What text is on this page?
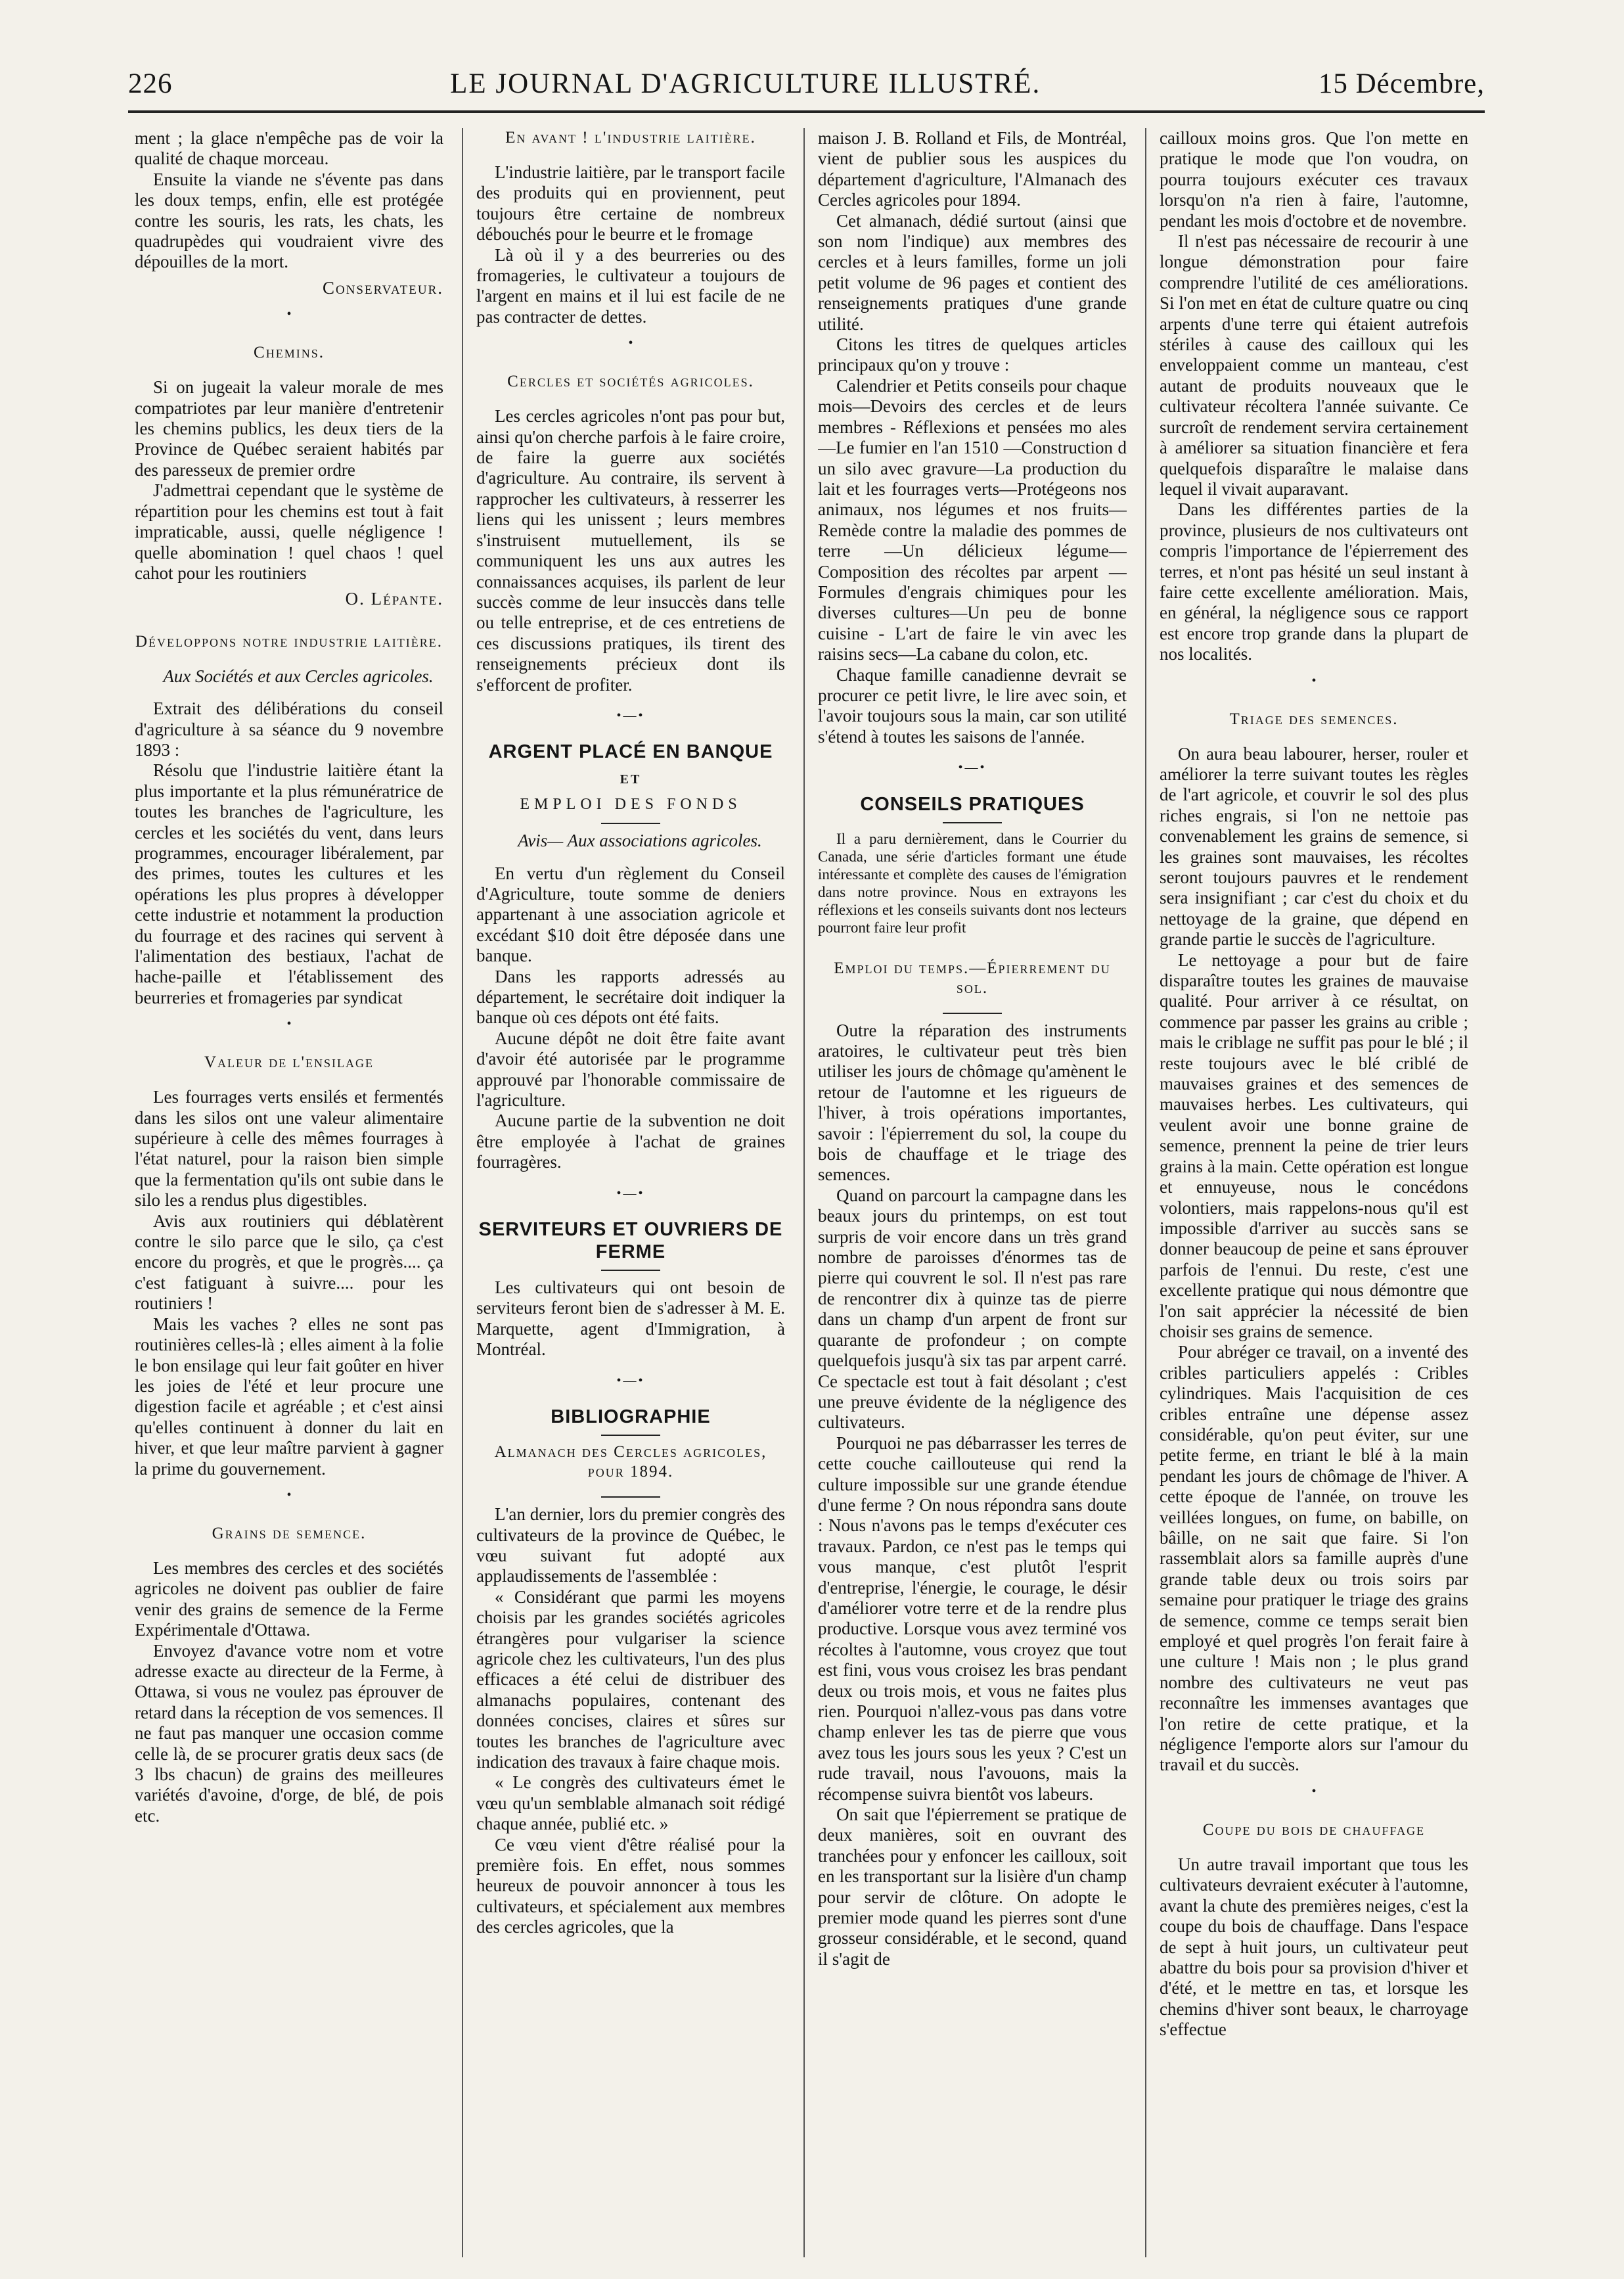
226	LE JOURNAL D'AGRICULTURE ILLUSTRÉ.	15 Décembre,

ment ; la glace n'empêche pas de voir la qualité de chaque morceau.

Ensuite la viande ne s'évente pas dans les doux temps, enfin, elle est protégée contre les souris, les rats, les chats, les quadrupèdes qui voudraient vivre des dépouilles de la mort.

Conservateur.

•
Chemins.

Si on jugeait la valeur morale de mes compatriotes par leur manière d'entretenir les chemins publics, les deux tiers de la Province de Québec seraient habités par des paresseux de premier ordre

J'admettrai cependant que le système de répartition pour les chemins est tout à fait impraticable, aussi, quelle négligence ! quelle abomination ! quel chaos ! quel cahot pour les routiniers

O. Lépante.

Développons notre industrie laitière.

Aux Sociétés et aux Cercles agricoles.

Extrait des délibérations du conseil d'agriculture à sa séance du 9 novembre 1893 :

Résolu que l'industrie laitière étant la plus importante et la plus rémunératrice de toutes les branches de l'agriculture, les cercles et les sociétés du vent, dans leurs programmes, encourager libéralement, par des primes, toutes les cultures et les opérations les plus propres à développer cette industrie et notamment la production du fourrage et des racines qui servent à l'alimentation des bestiaux, l'achat de hache-paille et l'établissement des beurreries et fromageries par syndicat

•
Valeur de l'ensilage

Les fourrages verts ensilés et fermentés dans les silos ont une valeur alimentaire supérieure à celle des mêmes fourrages à l'état naturel, pour la raison bien simple que la fermentation qu'ils ont subie dans le silo les a rendus plus digestibles.

Avis aux routiniers qui déblatèrent contre le silo parce que le silo, ça c'est encore du progrès, et que le progrès.... ça c'est fatiguant à suivre.... pour les routiniers !

Mais les vaches ? elles ne sont pas routinières celles-là ; elles aiment à la folie le bon ensilage qui leur fait goûter en hiver les joies de l'été et leur procure une digestion facile et agréable ; et c'est ainsi qu'elles continuent à donner du lait en hiver, et que leur maître parvient à gagner la prime du gouvernement.

•
Grains de semence.

Les membres des cercles et des sociétés agricoles ne doivent pas oublier de faire venir des grains de semence de la Ferme Expérimentale d'Ottawa.

Envoyez d'avance votre nom et votre adresse exacte au directeur de la Ferme, à Ottawa, si vous ne voulez pas éprouver de retard dans la réception de vos semences. Il ne faut pas manquer une occasion comme celle là, de se procurer gratis deux sacs (de 3 lbs chacun) de grains des meilleures variétés d'avoine, d'orge, de blé, de pois etc.

En avant ! l'industrie laitière.

L'industrie laitière, par le transport facile des produits qui en proviennent, peut toujours être certaine de nombreux débouchés pour le beurre et le fromage

Là où il y a des beurreries ou des fromageries, le cultivateur a toujours de l'argent en mains et il lui est facile de ne pas contracter de dettes.

•
Cercles et sociétés agricoles.

Les cercles agricoles n'ont pas pour but, ainsi qu'on cherche parfois à le faire croire, de faire la guerre aux sociétés d'agriculture. Au contraire, ils servent à rapprocher les cultivateurs, à resserrer les liens qui les unissent ; leurs membres s'instruisent mutuellement, ils se communiquent les uns aux autres les connaissances acquises, ils parlent de leur succès comme de leur insuccès dans telle ou telle entreprise, et de ces entretiens de ces discussions pratiques, ils tirent des renseignements précieux dont ils s'efforcent de profiter.

•—•
ARGENT PLACÉ EN BANQUE
ET
EMPLOI DES FONDS

Avis— Aux associations agricoles.

En vertu d'un règlement du Conseil d'Agriculture, toute somme de deniers appartenant à une association agricole et excédant $10 doit être déposée dans une banque.

Dans les rapports adressés au département, le secrétaire doit indiquer la banque où ces dépots ont été faits.

Aucune dépôt ne doit être faite avant d'avoir été autorisée par le programme approuvé par l'honorable commissaire de l'agriculture.

Aucune partie de la subvention ne doit être employée à l'achat de graines fourragères.

•—•
SERVITEURS ET OUVRIERS DE FERME

Les cultivateurs qui ont besoin de serviteurs feront bien de s'adresser à M. E. Marquette, agent d'Immigration, à Montréal.

•—•
BIBLIOGRAPHIE
Almanach des Cercles agricoles, pour 1894.

L'an dernier, lors du premier congrès des cultivateurs de la province de Québec, le vœu suivant fut adopté aux applaudissements de l'assemblée :

« Considérant que parmi les moyens choisis par les grandes sociétés agricoles étrangères pour vulgariser la science agricole chez les cultivateurs, l'un des plus efficaces a été celui de distribuer des almanachs populaires, contenant des données concises, claires et sûres sur toutes les branches de l'agriculture avec indication des travaux à faire chaque mois.

« Le congrès des cultivateurs émet le vœu qu'un semblable almanach soit rédigé chaque année, publié etc. »

Ce vœu vient d'être réalisé pour la première fois. En effet, nous sommes heureux de pouvoir annoncer à tous les cultivateurs, et spécialement aux membres des cercles agricoles, que la

maison J. B. Rolland et Fils, de Montréal, vient de publier sous les auspices du département d'agriculture, l'Almanach des Cercles agricoles pour 1894.

Cet almanach, dédié surtout (ainsi que son nom l'indique) aux membres des cercles et à leurs familles, forme un joli petit volume de 96 pages et contient des renseignements pratiques d'une grande utilité.

Citons les titres de quelques articles principaux qu'on y trouve :

Calendrier et Petits conseils pour chaque mois—Devoirs des cercles et de leurs membres - Réflexions et pensées mo ales—Le fumier en l'an 1510 —Construction d un silo avec gravure—La production du lait et les fourrages verts—Protégeons nos animaux, nos légumes et nos fruits—Remède contre la maladie des pommes de terre —Un délicieux légume—Composition des récoltes par arpent —Formules d'engrais chimiques pour les diverses cultures—Un peu de bonne cuisine - L'art de faire le vin avec les raisins secs—La cabane du colon, etc.

Chaque famille canadienne devrait se procurer ce petit livre, le lire avec soin, et l'avoir toujours sous la main, car son utilité s'étend à toutes les saisons de l'année.

•—•
CONSEILS PRATIQUES

Il a paru dernièrement, dans le Courrier du Canada, une série d'articles formant une étude intéressante et complète des causes de l'émigration dans notre province. Nous en extrayons les réflexions et les conseils suivants dont nos lecteurs pourront faire leur profit

Emploi du temps.—Épierrement du sol.

Outre la réparation des instruments aratoires, le cultivateur peut très bien utiliser les jours de chômage qu'amènent le retour de l'automne et les rigueurs de l'hiver, à trois opérations importantes, savoir : l'épierrement du sol, la coupe du bois de chauffage et le triage des semences.

Quand on parcourt la campagne dans les beaux jours du printemps, on est tout surpris de voir encore dans un très grand nombre de paroisses d'énormes tas de pierre qui couvrent le sol. Il n'est pas rare de rencontrer dix à quinze tas de pierre dans un champ d'un arpent de front sur quarante de profondeur ; on compte quelquefois jusqu'à six tas par arpent carré. Ce spectacle est tout à fait désolant ; c'est une preuve évidente de la négligence des cultivateurs.

Pourquoi ne pas débarrasser les terres de cette couche caillouteuse qui rend la culture impossible sur une grande étendue d'une ferme ? On nous répondra sans doute : Nous n'avons pas le temps d'exécuter ces travaux. Pardon, ce n'est pas le temps qui vous manque, c'est plutôt l'esprit d'entreprise, l'énergie, le courage, le désir d'améliorer votre terre et de la rendre plus productive. Lorsque vous avez terminé vos récoltes à l'automne, vous croyez que tout est fini, vous vous croisez les bras pendant deux ou trois mois, et vous ne faites plus rien. Pourquoi n'allez-vous pas dans votre champ enlever les tas de pierre que vous avez tous les jours sous les yeux ? C'est un rude travail, nous l'avouons, mais la récompense suivra bientôt vos labeurs.

On sait que l'épierrement se pratique de deux manières, soit en ouvrant des tranchées pour y enfoncer les cailloux, soit en les transportant sur la lisière d'un champ pour servir de clôture. On adopte le premier mode quand les pierres sont d'une grosseur considérable, et le second, quand il s'agit de

cailloux moins gros. Que l'on mette en pratique le mode que l'on voudra, on pourra toujours exécuter ces travaux lorsqu'on n'a rien à faire, l'automne, pendant les mois d'octobre et de novembre.

Il n'est pas nécessaire de recourir à une longue démonstration pour faire comprendre l'utilité de ces améliorations. Si l'on met en état de culture quatre ou cinq arpents d'une terre qui étaient autrefois stériles à cause des cailloux qui les enveloppaient comme un manteau, c'est autant de produits nouveaux que le cultivateur récoltera l'année suivante. Ce surcroît de rendement servira certainement à améliorer sa situation financière et fera quelquefois disparaître le malaise dans lequel il vivait auparavant.

Dans les différentes parties de la province, plusieurs de nos cultivateurs ont compris l'importance de l'épierrement des terres, et n'ont pas hésité un seul instant à faire cette excellente amélioration. Mais, en général, la négligence sous ce rapport est encore trop grande dans la plupart de nos localités.

•
Triage des semences.

On aura beau labourer, herser, rouler et améliorer la terre suivant toutes les règles de l'art agricole, et couvrir le sol des plus riches engrais, si l'on ne nettoie pas convenablement les grains de semence, si les graines sont mauvaises, les récoltes seront toujours pauvres et le rendement sera insignifiant ; car c'est du choix et du nettoyage de la graine, que dépend en grande partie le succès de l'agriculture.

Le nettoyage a pour but de faire disparaître toutes les graines de mauvaise qualité. Pour arriver à ce résultat, on commence par passer les grains au crible ; mais le criblage ne suffit pas pour le blé ; il reste toujours avec le blé criblé de mauvaises graines et des semences de mauvaises herbes. Les cultivateurs, qui veulent avoir une bonne graine de semence, prennent la peine de trier leurs grains à la main. Cette opération est longue et ennuyeuse, nous le concédons volontiers, mais rappelons-nous qu'il est impossible d'arriver au succès sans se donner beaucoup de peine et sans éprouver parfois de l'ennui. Du reste, c'est une excellente pratique qui nous démontre que l'on sait apprécier la nécessité de bien choisir ses grains de semence.

Pour abréger ce travail, on a inventé des cribles particuliers appelés : Cribles cylindriques. Mais l'acquisition de ces cribles entraîne une dépense assez considérable, qu'on peut éviter, sur une petite ferme, en triant le blé à la main pendant les jours de chômage de l'hiver. A cette époque de l'année, on trouve les veillées longues, on fume, on babille, on bâille, on ne sait que faire. Si l'on rassemblait alors sa famille auprès d'une grande table deux ou trois soirs par semaine pour pratiquer le triage des grains de semence, comme ce temps serait bien employé et quel progrès l'on ferait faire à une culture ! Mais non ; le plus grand nombre des cultivateurs ne veut pas reconnaître les immenses avantages que l'on retire de cette pratique, et la négligence l'emporte alors sur l'amour du travail et du succès.

•
Coupe du bois de chauffage

Un autre travail important que tous les cultivateurs devraient exécuter à l'automne, avant la chute des premières neiges, c'est la coupe du bois de chauffage. Dans l'espace de sept à huit jours, un cultivateur peut abattre du bois pour sa provision d'hiver et d'été, et le mettre en tas, et lorsque les chemins d'hiver sont beaux, le charroyage s'effectue
